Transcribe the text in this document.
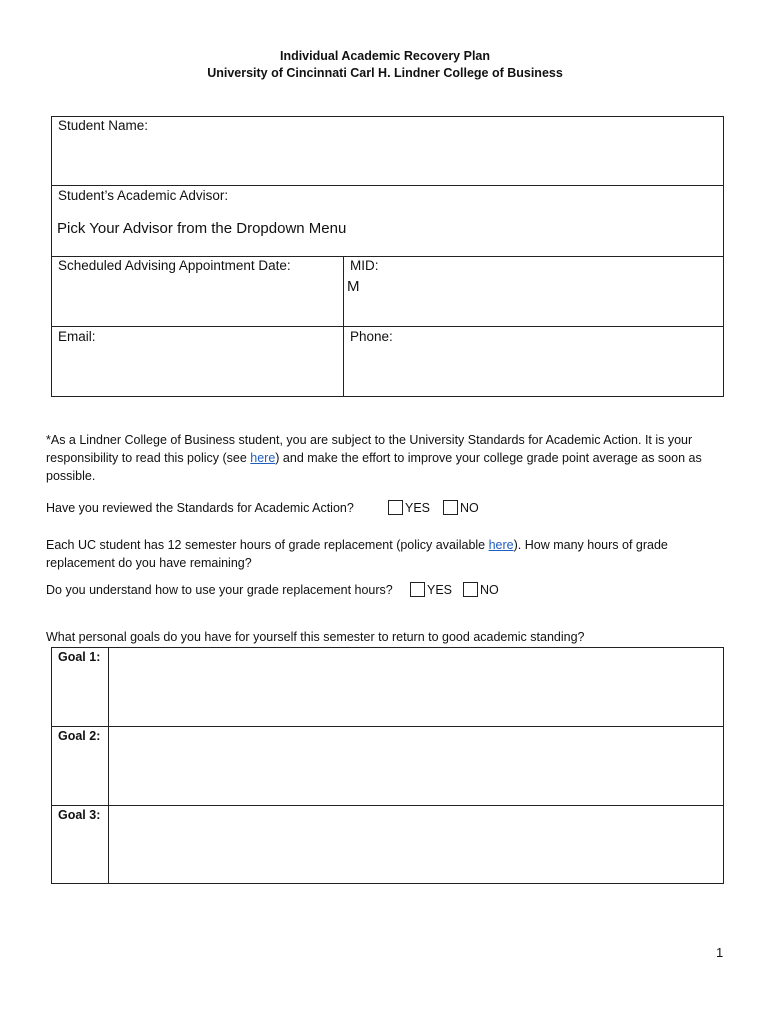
Individual Academic Recovery Plan
University of Cincinnati Carl H. Lindner College of Business
Student Name:
Student’s Academic Advisor:
Pick Your Advisor from the Dropdown Menu
Scheduled Advising Appointment Date:	MID:
M
Email:	Phone:
*As a Lindner College of Business student, you are subject to the University Standards for Academic Action. It is your responsibility to read this policy (see here) and make the effort to improve your college grade point average as soon as possible.
Have you reviewed the Standards for Academic Action?	YES	NO
Each UC student has 12 semester hours of grade replacement (policy available here). How many hours of grade replacement do you have remaining?
Do you understand how to use your grade replacement hours?	YES	NO
What personal goals do you have for yourself this semester to return to good academic standing?
Goal 1:
Goal 2:
Goal 3:
1
